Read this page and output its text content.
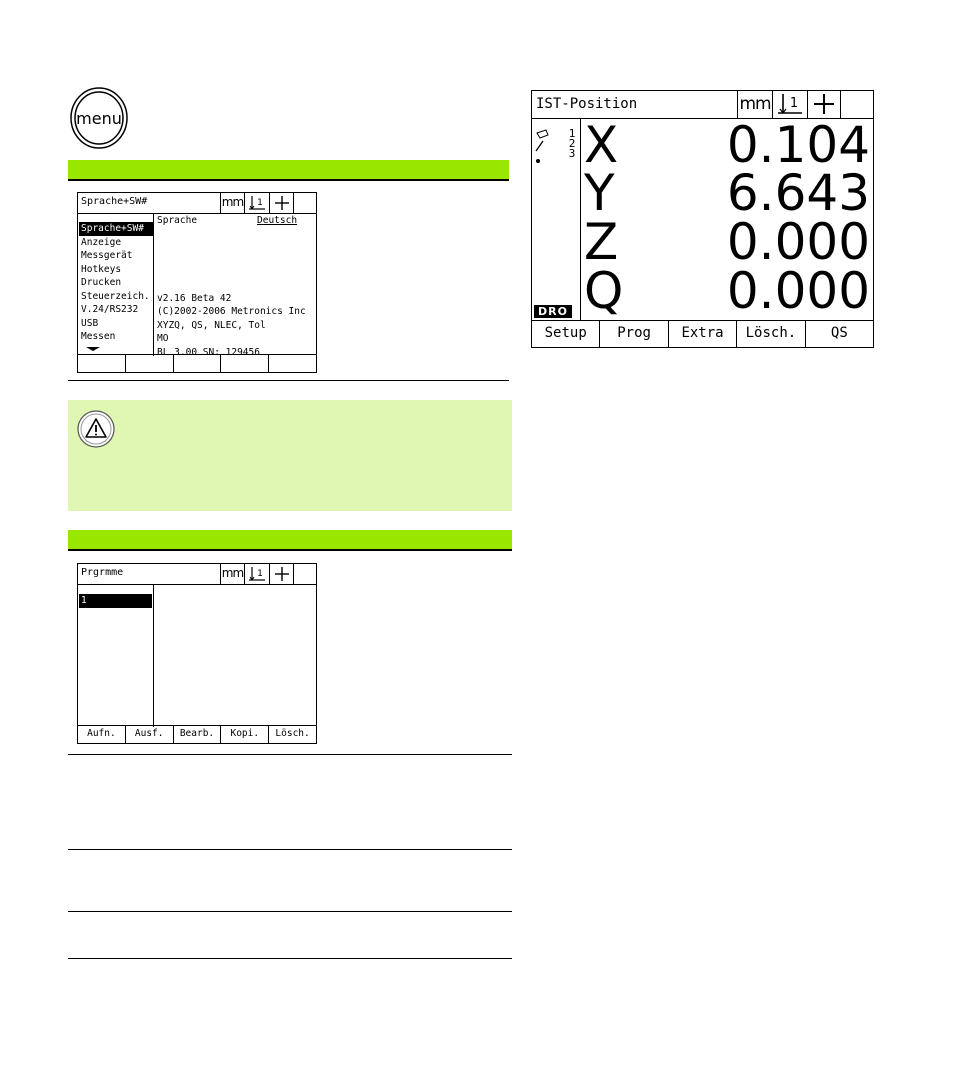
menu
Sprache+SW#	mm 1
Sprache+SW#
Anzeige
Messgerät
Hotkeys
Drucken
Steuerzeich.
V.24/RS232
USB
Messen
Sprache	Deutsch
v2.16 Beta 42
(C)2002-2006 Metronics Inc
XYZQ, QS, NLEC, Tol
MO
BL 3.00 SN: 129456
Prgrmme	mm 1
1
Aufn.	Ausf.	Bearb.	Kopi.	Lösch.
IST-Position	mm 1
1
2
3
DRO
X 0.104
Y 6.643
Z 0.000
Q 0.000
Setup	Prog	Extra	Lösch.	QS
